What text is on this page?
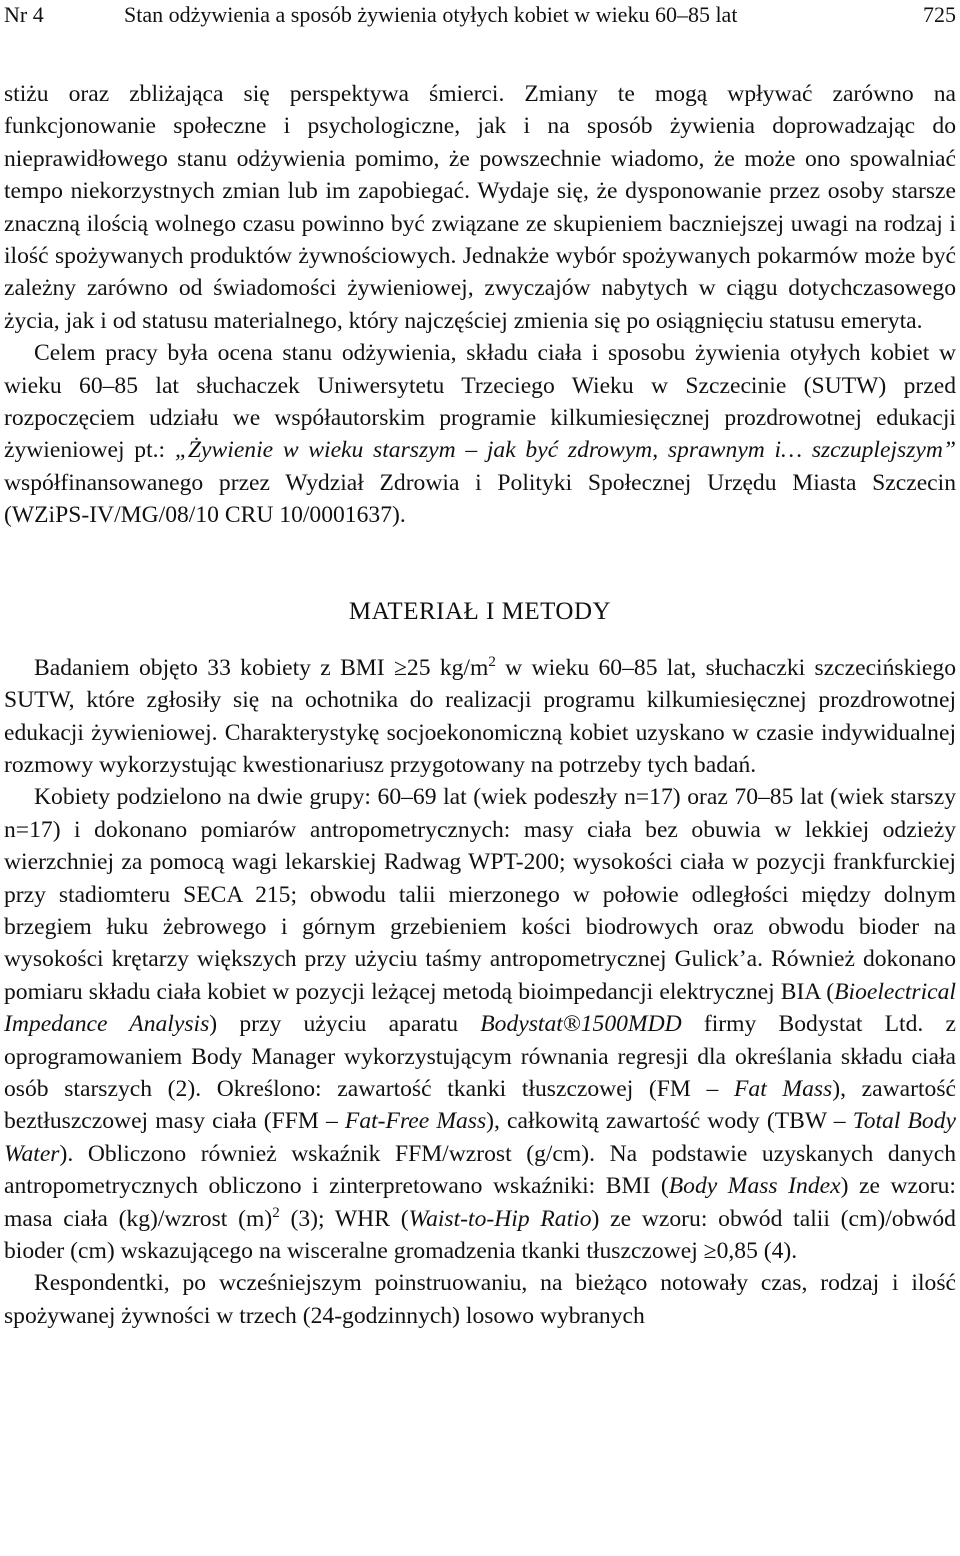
Nr 4	Stan odżywienia a sposób żywienia otyłych kobiet w wieku 60–85 lat	725

stiżu oraz zbliżająca się perspektywa śmierci. Zmiany te mogą wpływać zarówno na funkcjonowanie społeczne i psychologiczne, jak i na sposób żywienia doprowadzając do nieprawidłowego stanu odżywienia pomimo, że powszechnie wiadomo, że może ono spowalniać tempo niekorzystnych zmian lub im zapobiegać. Wydaje się, że dysponowanie przez osoby starsze znaczną ilością wolnego czasu powinno być związane ze skupieniem baczniejszej uwagi na rodzaj i ilość spożywanych produktów żywnościowych. Jednakże wybór spożywanych pokarmów może być zależny zarówno od świadomości żywieniowej, zwyczajów nabytych w ciągu dotychczasowego życia, jak i od statusu materialnego, który najczęściej zmienia się po osiągnięciu statusu emeryta.

Celem pracy była ocena stanu odżywienia, składu ciała i sposobu żywienia otyłych kobiet w wieku 60–85 lat słuchaczek Uniwersytetu Trzeciego Wieku w Szczecinie (SUTW) przed rozpoczęciem udziału we współautorskim programie kilkumiesięcznej prozdrowotnej edukacji żywieniowej pt.: „Żywienie w wieku starszym – jak być zdrowym, sprawnym i… szczuplejszym” współfinansowanego przez Wydział Zdrowia i Polityki Społecznej Urzędu Miasta Szczecin (WZiPS-IV/MG/08/10 CRU 10/0001637).

MATERIAŁ I METODY

Badaniem objęto 33 kobiety z BMI ≥25 $kg/m^2$ w wieku 60–85 lat, słuchaczki szczecińskiego SUTW, które zgłosiły się na ochotnika do realizacji programu kilkumiesięcznej prozdrowotnej edukacji żywieniowej. Charakterystykę socjoekonomiczną kobiet uzyskano w czasie indywidualnej rozmowy wykorzystując kwestionariusz przygotowany na potrzeby tych badań.

Kobiety podzielono na dwie grupy: 60–69 lat (wiek podeszły n=17) oraz 70–85 lat (wiek starszy n=17) i dokonano pomiarów antropometrycznych: masy ciała bez obuwia w lekkiej odzieży wierzchniej za pomocą wagi lekarskiej Radwag WPT-200; wysokości ciała w pozycji frankfurckiej przy stadiomteru SECA 215; obwodu talii mierzonego w połowie odległości między dolnym brzegiem łuku żebrowego i górnym grzebieniem kości biodrowych oraz obwodu bioder na wysokości krętarzy większych przy użyciu taśmy antropometrycznej Gulick’a. Również dokonano pomiaru składu ciała kobiet w pozycji leżącej metodą bioimpedancji elektrycznej BIA (Bioelectrical Impedance Analysis) przy użyciu aparatu Bodystat®1500MDD firmy Bodystat Ltd. z oprogramowaniem Body Manager wykorzystującym równania regresji dla określania składu ciała osób starszych (2). Określono: zawartość tkanki tłuszczowej (FM – Fat Mass), zawartość beztłuszczowej masy ciała (FFM – Fat-Free Mass), całkowitą zawartość wody (TBW – Total Body Water). Obliczono również wskaźnik FFM/wzrost (g/cm). Na podstawie uzyskanych danych antropometrycznych obliczono i zinterpretowano wskaźniki: BMI (Body Mass Index) ze wzoru: masa ciała (kg)/wzrost $(m)^2$ (3); WHR (Waist-to-Hip Ratio) ze wzoru: obwód talii (cm)/obwód bioder (cm) wskazującego na wisceralne gromadzenia tkanki tłuszczowej ≥0,85 (4).

Respondentki, po wcześniejszym poinstruowaniu, na bieżąco notowały czas, rodzaj i ilość spożywanej żywności w trzech (24-godzinnych) losowo wybranych
